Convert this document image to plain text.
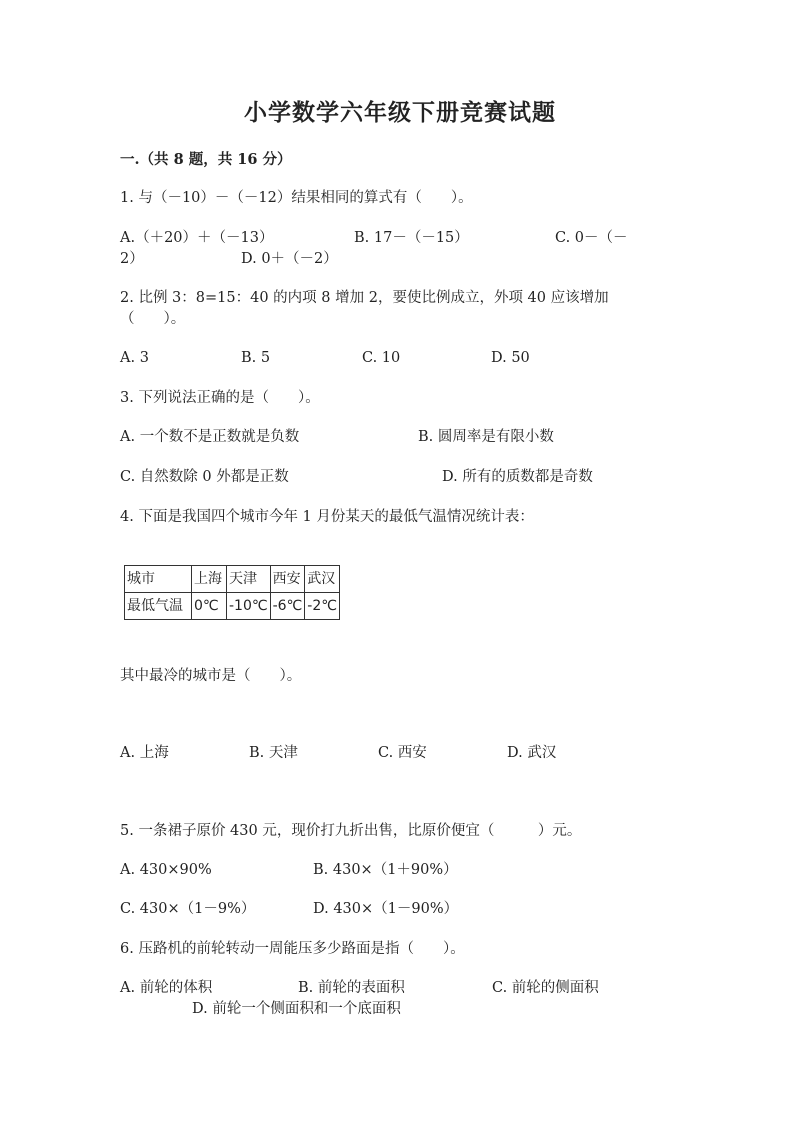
小学数学六年级下册竞赛试题
一.（共 8 题，共 16 分）
1. 与（－10）－（－12）结果相同的算式有（　　）。
A.（＋20）＋（－13）	B. 17－（－15）	C. 0－（－
2）	D. 0＋（－2）
2. 比例 3：8=15：40 的内项 8 增加 2，要使比例成立，外项 40 应该增加
（　　）。
A. 3	B. 5	C. 10	D. 50
3. 下列说法正确的是（　　）。
A. 一个数不是正数就是负数	B. 圆周率是有限小数
C. 自然数除 0 外都是正数	D. 所有的质数都是奇数
4. 下面是我国四个城市今年 1 月份某天的最低气温情况统计表：
城市	上海	天津	西安	武汉
最低气温	0℃	-10℃	-6℃	-2℃
其中最冷的城市是（　　）。
A. 上海	B. 天津	C. 西安	D. 武汉
5. 一条裙子原价 430 元，现价打九折出售，比原价便宜（　　　）元。
A. 430×90%	B. 430×（1＋90%）
C. 430×（1－9%）	D. 430×（1－90%）
6. 压路机的前轮转动一周能压多少路面是指（　　）。
A. 前轮的体积	B. 前轮的表面积	C. 前轮的侧面积
D. 前轮一个侧面积和一个底面积
